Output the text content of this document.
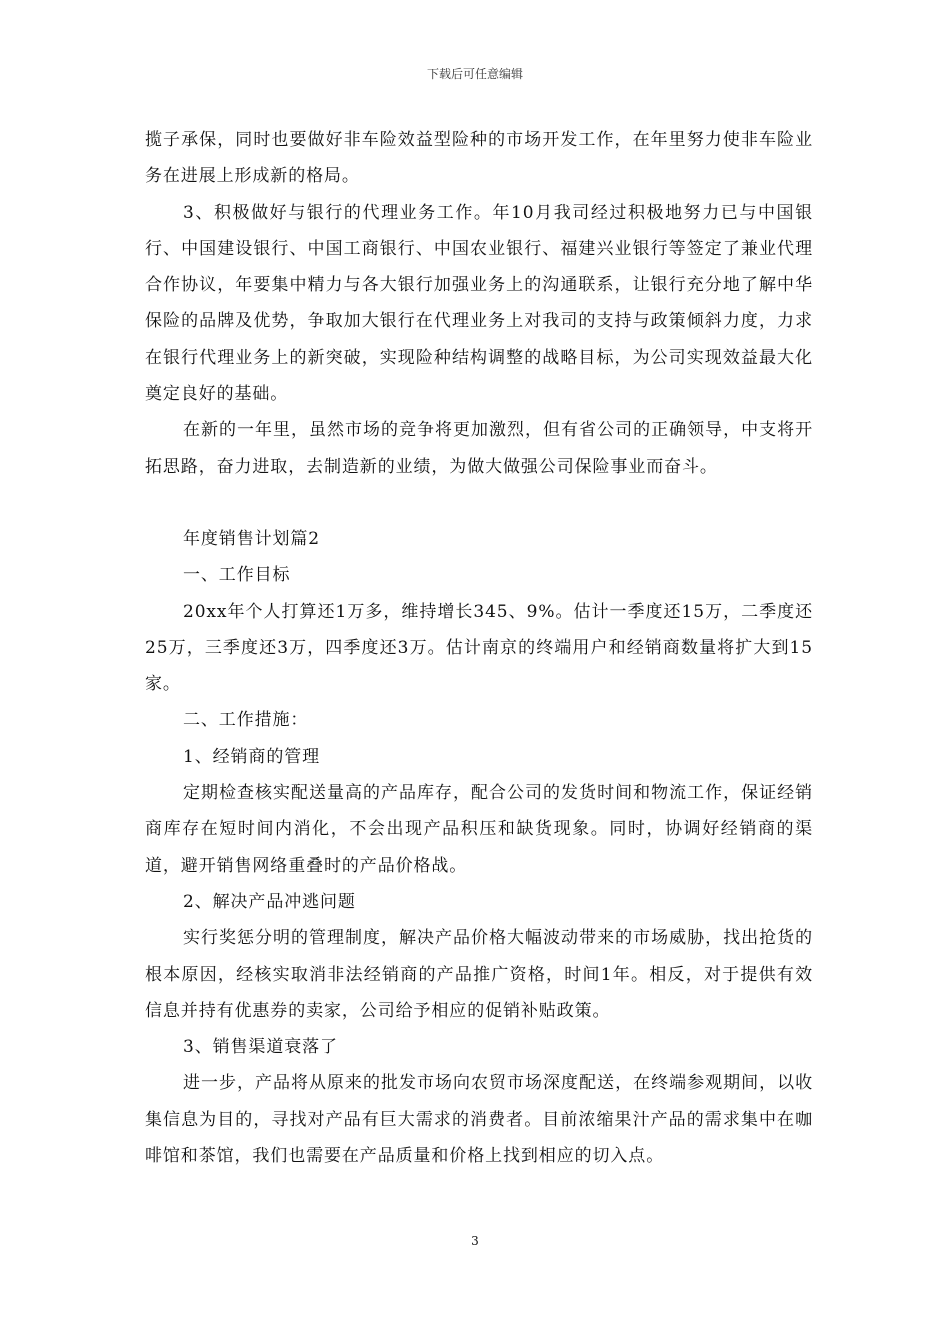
下载后可任意编辑

揽子承保，同时也要做好非车险效益型险种的市场开发工作，在年里努力使非车险业务在进展上形成新的格局。

3、积极做好与银行的代理业务工作。年10月我司经过积极地努力已与中国银行、中国建设银行、中国工商银行、中国农业银行、福建兴业银行等签定了兼业代理合作协议，年要集中精力与各大银行加强业务上的沟通联系，让银行充分地了解中华保险的品牌及优势，争取加大银行在代理业务上对我司的支持与政策倾斜力度，力求在银行代理业务上的新突破，实现险种结构调整的战略目标，为公司实现效益最大化奠定良好的基础。

在新的一年里，虽然市场的竞争将更加激烈，但有省公司的正确领导，中支将开拓思路，奋力进取，去制造新的业绩，为做大做强公司保险事业而奋斗。

年度销售计划篇2

一、工作目标

20xx年个人打算还1万多，维持增长345、9%。估计一季度还15万，二季度还25万，三季度还3万，四季度还3万。估计南京的终端用户和经销商数量将扩大到15家。

二、工作措施：

1、经销商的管理

定期检查核实配送量高的产品库存，配合公司的发货时间和物流工作，保证经销商库存在短时间内消化，不会出现产品积压和缺货现象。同时，协调好经销商的渠道，避开销售网络重叠时的产品价格战。

2、解决产品冲逃问题

实行奖惩分明的管理制度，解决产品价格大幅波动带来的市场威胁，找出抢货的根本原因，经核实取消非法经销商的产品推广资格，时间1年。相反，对于提供有效信息并持有优惠券的卖家，公司给予相应的促销补贴政策。

3、销售渠道衰落了

进一步，产品将从原来的批发市场向农贸市场深度配送，在终端参观期间，以收集信息为目的，寻找对产品有巨大需求的消费者。目前浓缩果汁产品的需求集中在咖啡馆和茶馆，我们也需要在产品质量和价格上找到相应的切入点。

3
